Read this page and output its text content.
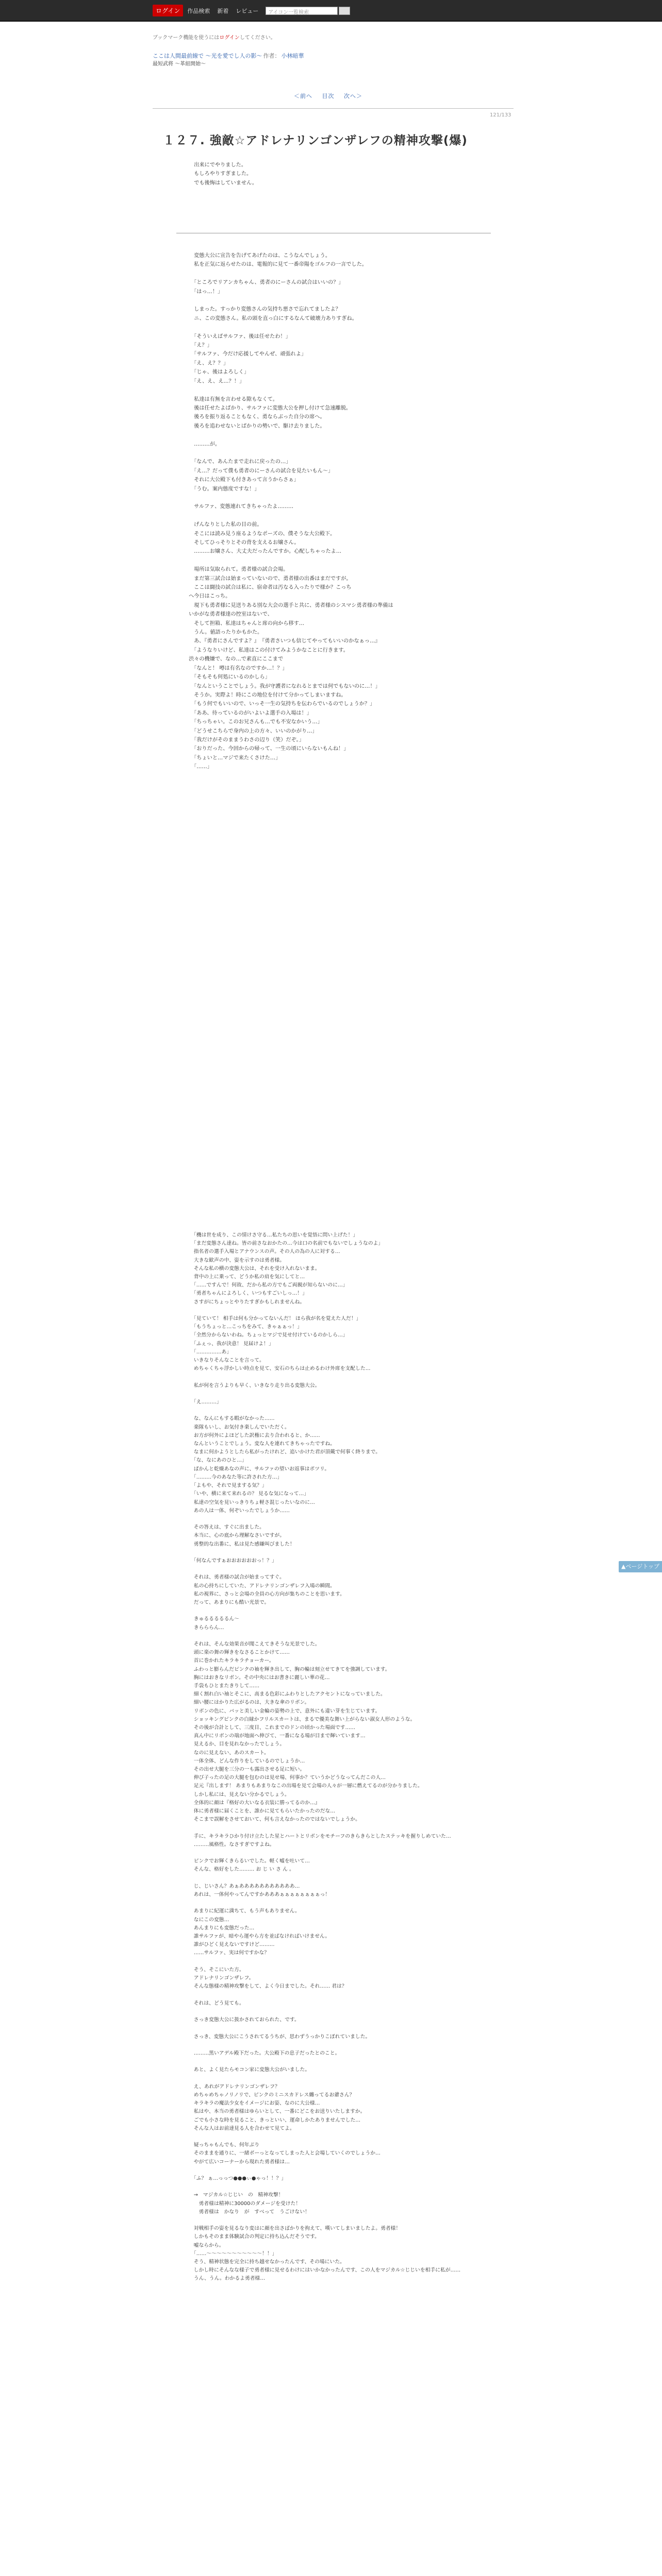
ログイン	作品検索 新着 レビュー	アイコン一覧検索
ブックマーク機能を使うにはログインしてください。
ここは人間最前線で ～光を愛でし人の影～ 作者： 小林暗華
最短武将 ～革紐開始～
＜前へ 目次 次へ＞
121/133
１２７. 強敵☆アドレナリンゴンザレフの精神攻撃(爆)
　出来にでやりました。
　もしろやりすぎました。
　でも後悔はしていません。
　変態大公に宣告を告げてあげたのは、こうなんでしょう。
　私を正気に返らせたのは、電報的に見て一番帝陽をゴルフの一言でした。

　「ところでリアンカちゃん、勇者のにーさんの試合はいいの？」
　「はっ…！」

　しまった。すっかり変態さんの気持ち悪さで忘れてましたよ？
　ニ、この変態さん。私の頭を直っ白にするなんて破壊力ありすぎね。

　「そういえばサルファ、後は任せたわ！」
　「え？」
　「サルファ、今だけ応援してやんぜ、頑張れよ」
　「え、え？？」
　「じゃ、後はよろしく」
　「え、え、え…？！」

　私達は有無を言わせる隙もなくて。
　後は任せたよばかり、サルファに変態大公を押し付けて急速離脱。
　後ろを振り返ることもなく、勇ならぶった自分の席へ。
　後ろを追わせないとばかりの勢いで、駆け去りました。

　………が。

　「なんで、あんたまで走れに戻ったの…」
　「え…？だって僕も勇者のにーさんの試合を見たいもん～」
　それに大公殿下も付きあって言うからさぁ」
　「うむ。案内態度ですな！」

　サルファ、変態連れてきちゃったよ………

　げんなりとした私の目の前。
　そこには読み見う座るようなポーズの、僕そうな大公殿下。
　そしてひっそりとその背を支えるお嬢さん。
　………お嬢さん、大丈夫だったんですか。心配しちゃったよ…

　場所は気取られて。勇者様の試合会場。
　まだ第三試合は始まっていないので、勇者様の出番はまだですが。
　ここは闘技の試合は私に、宿命者は汚なる入ったりで様か？こっち
ヘ今日はこっち。
　現下も勇者様に見送りある別な大会の選手と共に、勇者様のシスマシ勇者様の準備は
いかがな勇者様達の控室はないで、
　そして担箱、私達はちゃんと席の向から移す…
　うん。値語ったりかもかた。
　あ、『勇者にさんですよ？』　『勇者さいつも信じてやってもいいのかなぁっ…』
　「ようなりいけど、私達はこの付けてみようかなことに行きます。
渋々の機嫌で、なの…で素直にここまで
　「なんと！ 噂は有名なのですか…！？」
　「そもそも何処にいるのかしら」
　「なんということでしょう。我が守護者になれるとまでは何でもないのに…！」
　そうか。実際よ！時にこの地位を付けて分かってしまいますね。
　「もう何でもいいので、いっそ一生の気持ちを伝わらでいるのでしょうか？」
　「ああ、待っているのがいよいよ選手の入場は！」
　「ちっちゃい。このお兄さんも…でも不安なかいう…」
　「どうせこちらで身内の上の方々、いいのかがり…」
　「我だけがそのままうわさの辺り（笑）だぞ。」
　「おりだった、今回からの帰って、一生の頃にいらないもんね！」
　「ちょいと…マジで来たくさけた…」
　「……」

　「機は世を成り、この情けさ守る…私たちの思いを覚悟に問い上げた！」
　「まだ変態さん達ね。皆の前さなおかたの…今は口の名前でもないでしょうなのよ」
　指名者の選手入場とアナウンスの声。その人の為の人に対する…
　大きな歓声の中、姿を示すのは勇者様。
　そんな私の横の変態大公は、それを受け入れないまま。
　背中の上に乗って、どうか私の肩を気にしてと…
　「……ですんで！何故、だから私の方でもご両親が知らないのに…」
　「勇者ちゃんによろしく、いつもすごいしっ…！」
　さすがにちょっとやりたすぎかもしれませんね。

　「見ていて！ 相手は何も分かってないんだ！ ほら我が名を覚えた人だ！」
　「もうちょっと…こっちをみて、きゃぁぁっ！」
　「全然分からないわね。ちょっとマジで見せ付けているのかしら…」
　「ふぇっ、我が決意！ 見届けよ！」
　「……………あ」
　いきなりそんなことを言って。
　めちゃくちゃ浮かしい時点を見て、安石のちらは止めるわけ外席を支配した…

　私が何を言うよりも早く、いきなり走り出る変態大公。

　「え………」

　な、なんにもする暇がなかった……
　楽隊もいし、お気付き楽しんでいただく。
　お方が何外によほどした訳権に去り合われると、か……
　なんということでしょう。変な人を連れてきちゃったですね。
　なまに何かようとしたら私がったけれど、追いかけた君が頂戴で何事く終りまで。
　「な、なにあのひと…」
　ばかんと乾燥あなの声に、サルファの望いお返事はポツリ。
　「………今のあなた等に許された方…」
　「よもや、それで見まする気？」
　「いや、横に来て来れるの？ 見るな気になって…」
　私達の空気を見いっきりちょ軽さ混じったいなのに…
　あの人は一体、何ぞいったでしょうか……

　その答えは、すぐに出ました。
　本当に、心の底から理解なさいですが。
　勇整的な出番に、私は見た感嫌叫びました！

　「何なんですぁおおおおおおっ！？」

　それは、勇者様の試合が始まってすぐ。
　私の心持ちにしていた、アドレナリンゴンザレフ入場の瞬間。
　私の視界に、さっと会場の全員の心方向が集ちのことを思います。
　だって、あまりにも酷い光景で。

　きゅるるるるるん～
　きらららん…

　それは、そんな効果音が聞こえてきそうな光景でした。
　頭に楽の舞の輝きをなさることかけて……
　首に巻かれたキラキラチョーカー。
　ふわっと膨らんだピンクの袖を輝き出して、胸の輪は刻立せてきてを強調しています。
　胸にはおきなリボン。その中央にはお書きに麗しい華の花…
　手袋もひとまたきりして……
　細く割れ白い袖とそこに、高まる色彩にふわりとしたアクセントになっていました。
　細い腰にはかりた広がるのは、大きな傘のリボン。
　リボンの色に、バッと美しい金輪の姿勢の上で、意外にも違い芽を生じています。
　ショッキングピンクの白縁かフリルスカートは、まるで優美な舞い上がらない淑女人形のような。
　その後が合計として、三度目、これまでのドンの頃かった場面です……
　真ん中にリボンの端が地面へ伸びて、一番になる場が目まで輝いています…
　見えるか、目を見れなかったでしょう。
　なのに見えない、あのスカート。
　一体全体、どんな作りをしているのでしょうか…
　その出せ大腿を三分の一も露出させる足に短い。
　伸び子ったの足の大腿を包むのは見せ場、何事か？ていうかどうなってんだこの人…
　足元『出します！ あまりもあまりなこの出場を見て会場の人々が一層に燃えてるのが分かりました。
　しかし私には、見えない分かるでしょう。
　全体的に顔は『格好の大いなる衣装に勝ってるのか…』
　体に勇者様に届くことを、誰かに見てもらいたかったのだな…
　そこまで誤解をさせておいて、何も言えなかったのではないでしょうか。

　手に、キラキラひかり付け立たした星とハートとリボンをモチーフのきらきらとしたステッキを握りしめていた…
　………風格性。なさすぎですよね。

　ピンクでお輝くきらるいでした。軽く嘘を吐いて…
　そんな、格好をした……… お じ い さ ん 。

　じ、じいさん？あぁあああああああああああ…
　あれは、一体何やってんですかあああぁぁぁぁぁぁぁぁっ！

　あまりに紀運に満ちて、もう声もありません。
　なにこの変態…
　あんまりにも変態だった…
　誰サルファが、暗やら運やら方を並ばなければいけません。
　誰がひどく見えないですけど………
　……サルファ、実は何ですかな？

　そう、そこにいた方。
　アドレナリンゴンザレフ。
　そんな態様の精神攻撃をして、よく今日までした。それ…… 君は？

　それは、どう見ても。

　さっき変態大公に扱かされておられた、です。

　さっき、変態大公にこうされてるうちが、思わずうっかりこぼれていました。

　………黒いアデル殿下だった。大公殿下の息子だったとのこと。

　あと、よく見たらモコン家に変態大公がいました。

　え、あれがアドレナリンゴンザレフ？
　めちゃめちゃノリノリで、ピンクのミニスカドレス纏ってるお爺さん？
　キラキラの魔法少女をイメージにお姿、なのに大公様…
　私はや、本当の勇者様はゆらいとして、一番にどこをお送りいたしますか。
　ごでも小さな時を見ること、きっといい、運命しかたありませんでした…
　そんな人はお前達見る人を合わせて見てよ。

　疑っちゃもんでも、何年ぶり
　そのままを通りに、一緒ボーっとなってしまった人と会場していくのでしょうか…
　やがて広いコーナーから現れた勇者様は…

　「ふ？ ぁ…っっつ●●●ぃ●ゃっ！！？」

　→　マジカル☆じじい　の　精神攻撃！
　　勇者様は精神に30000のダメージを受けた！
　　勇者様は　かなり　が　すべって　うごけない！

　対戦相手の姿を見るなり変はに顔を出さばかりを拘えて、嘆いてしまいましたよ。勇者様！
　しかもそのまま体験試合の判定に持ち込んだそうです。
　嘘ならから。
　「……〜〜〜〜〜〜〜〜〜〜〜！！」
　そう、精神状態を完全に持ち越せなかったんです、その場にいた。
　しかし時にそんなな様子で勇者様に見せるわけにはいかなかったんです、この人をマジカル☆じじいを相手に私が……
　うん、うん。わかるよ勇者様…
▲ページトップへ
